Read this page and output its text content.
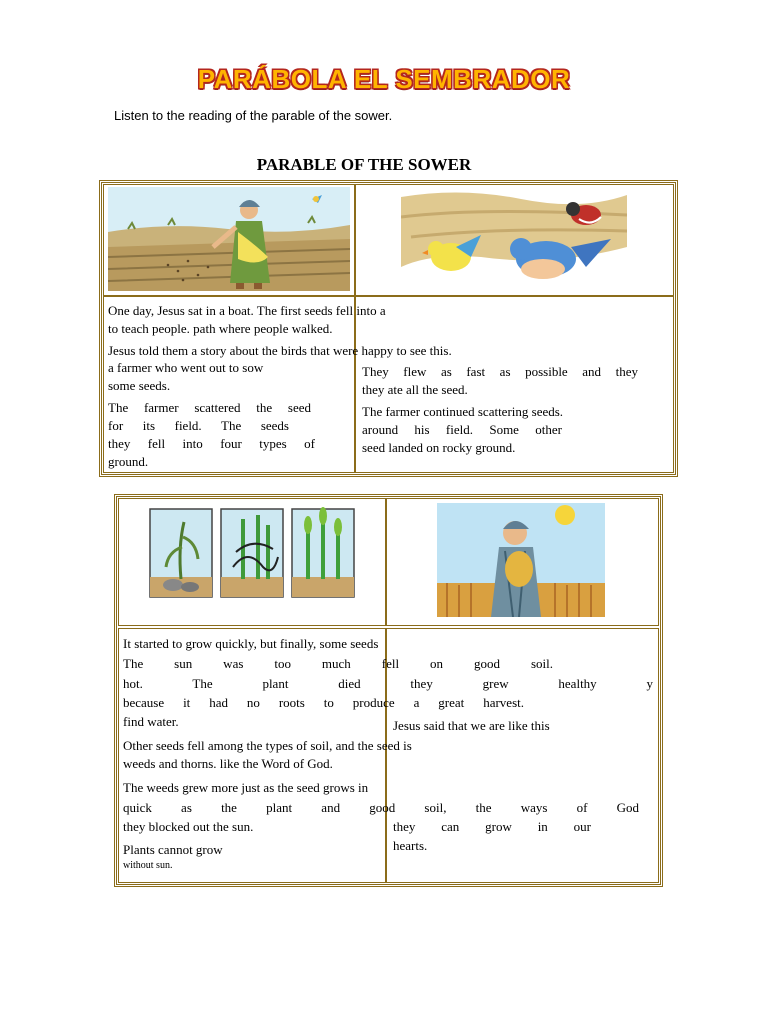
PARÁBOLA EL SEMBRADOR
Listen to the reading of the parable of the sower.
PARABLE OF THE SOWER
One day, Jesus sat in a boat. The first seeds fell into a
to teach people. path where people walked.
Jesus told them a story about the birds that were happy to see this.
a farmer who went out to sow
some seeds.
The farmer scattered the seed
for its field. The seeds
they fell into four types of
ground.
They flew as fast as possible and they
they ate all the seed.
The farmer continued scattering seeds.
around his field. Some other
seed landed on rocky ground.
It started to grow quickly, but finally, some seeds
The sun was too much fell on good soil.
hot. The plant died they grew healthy y
because it had no roots to produce a great harvest.
find water.
Other seeds fell among the types of soil, and the seed is
weeds and thorns. like the Word of God.
The weeds grew more just as the seed grows in
quick as the plant and good soil, the ways of God
they blocked out the sun.
Plants cannot grow
without sun.
Jesus said that we are like this
they can grow in our
hearts.
